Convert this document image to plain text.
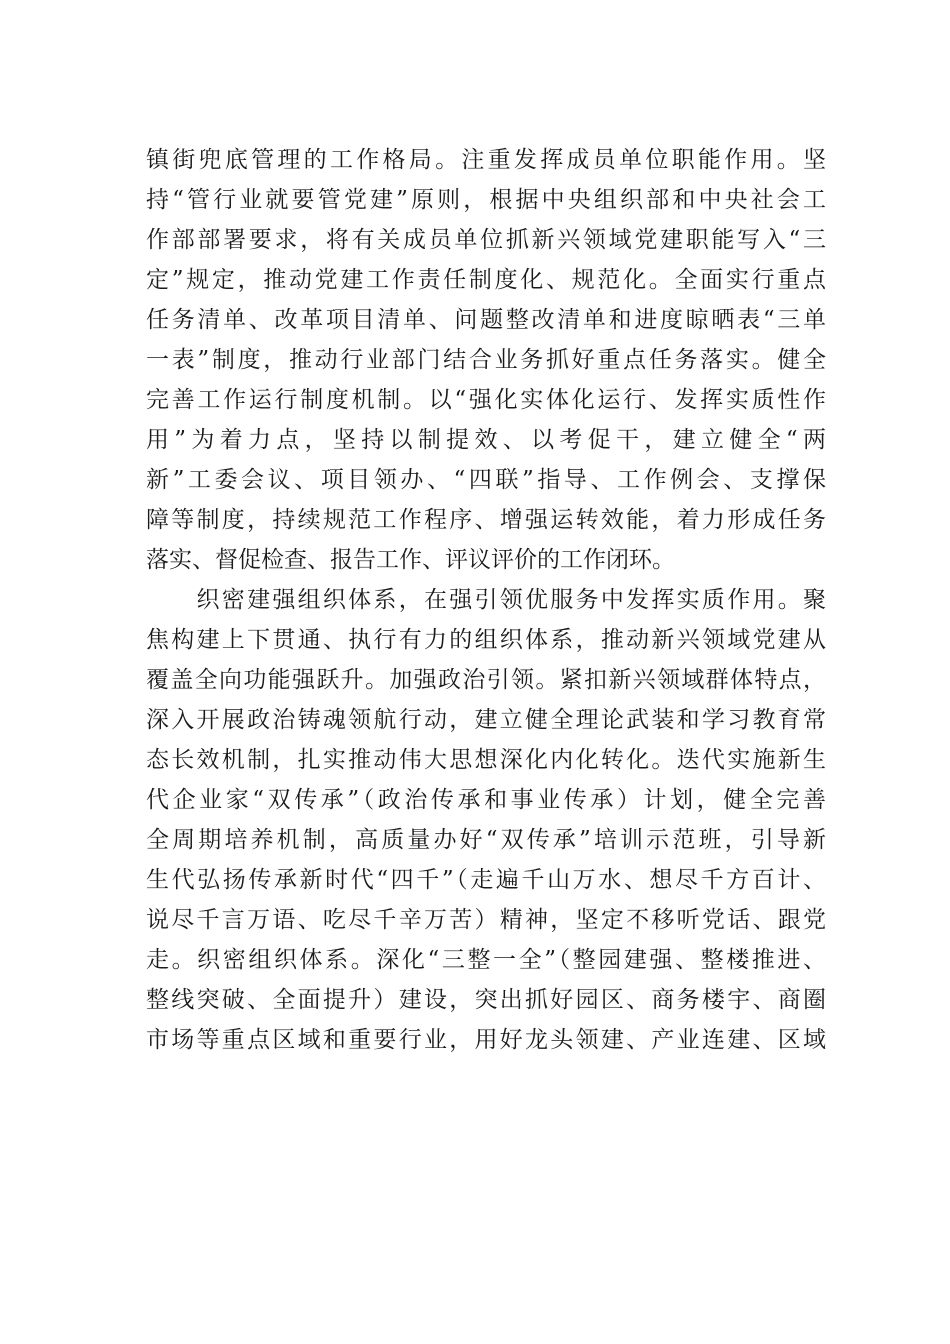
镇街兜底管理的工作格局。注重发挥成员单位职能作用。坚
持“管行业就要管党建”原则，根据中央组织部和中央社会工
作部部署要求，将有关成员单位抓新兴领域党建职能写入“三
定”规定，推动党建工作责任制度化、规范化。全面实行重点
任务清单、改革项目清单、问题整改清单和进度晾晒表“三单
一表”制度，推动行业部门结合业务抓好重点任务落实。健全
完善工作运行制度机制。以“强化实体化运行、发挥实质性作
用”为着力点，坚持以制提效、以考促干，建立健全“两
新”工委会议、项目领办、“四联”指导、工作例会、支撑保
障等制度，持续规范工作程序、增强运转效能，着力形成任务
落实、督促检查、报告工作、评议评价的工作闭环。
　　织密建强组织体系，在强引领优服务中发挥实质作用。聚
焦构建上下贯通、执行有力的组织体系，推动新兴领域党建从
覆盖全向功能强跃升。加强政治引领。紧扣新兴领域群体特点，
深入开展政治铸魂领航行动，建立健全理论武装和学习教育常
态长效机制，扎实推动伟大思想深化内化转化。迭代实施新生
代企业家“双传承”（政治传承和事业传承）计划，健全完善
全周期培养机制，高质量办好“双传承”培训示范班，引导新
生代弘扬传承新时代“四千”（走遍千山万水、想尽千方百计、
说尽千言万语、吃尽千辛万苦）精神，坚定不移听党话、跟党
走。织密组织体系。深化“三整一全”（整园建强、整楼推进、
整线突破、全面提升）建设，突出抓好园区、商务楼宇、商圈
市场等重点区域和重要行业，用好龙头领建、产业连建、区域
